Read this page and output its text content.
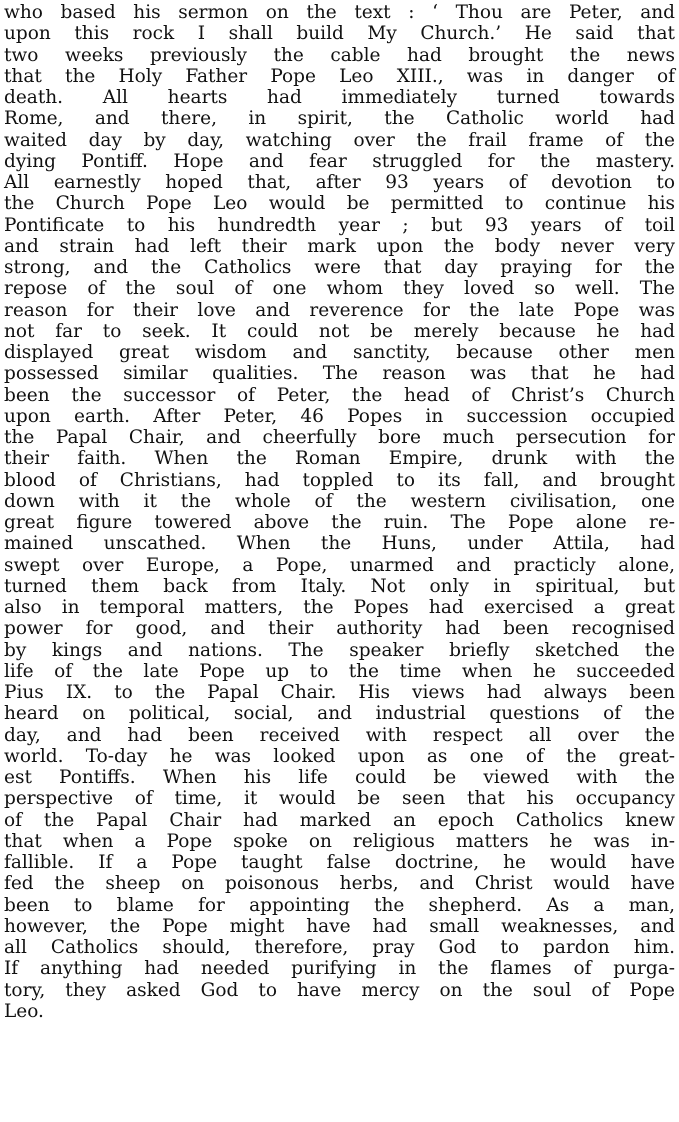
who based his sermon on the text : ‘ Thou are Peter, and
upon this rock I shall build My Church.’ He said that
two weeks previously the cable had brought the news
that the Holy Father Pope Leo XIII., was in danger of
death. All hearts had immediately turned towards
Rome, and there, in spirit, the Catholic world had
waited day by day, watching over the frail frame of the
dying Pontiff. Hope and fear struggled for the mastery.
All earnestly hoped that, after 93 years of devotion to
the Church Pope Leo would be permitted to continue his
Pontificate to his hundredth year ; but 93 years of toil
and strain had left their mark upon the body never very
strong, and the Catholics were that day praying for the
repose of the soul of one whom they loved so well. The
reason for their love and reverence for the late Pope was
not far to seek. It could not be merely because he had
displayed great wisdom and sanctity, because other men
possessed similar qualities. The reason was that he had
been the successor of Peter, the head of Christ’s Church
upon earth. After Peter, 46 Popes in succession occupied
the Papal Chair, and cheerfully bore much persecution for
their faith. When the Roman Empire, drunk with the
blood of Christians, had toppled to its fall, and brought
down with it the whole of the western civilisation, one
great figure towered above the ruin. The Pope alone re-
mained unscathed. When the Huns, under Attila, had
swept over Europe, a Pope, unarmed and practicly alone,
turned them back from Italy. Not only in spiritual, but
also in temporal matters, the Popes had exercised a great
power for good, and their authority had been recognised
by kings and nations. The speaker briefly sketched the
life of the late Pope up to the time when he succeeded
Pius IX. to the Papal Chair. His views had always been
heard on political, social, and industrial questions of the
day, and had been received with respect all over the
world. To-day he was looked upon as one of the great-
est Pontiffs. When his life could be viewed with the
perspective of time, it would be seen that his occupancy
of the Papal Chair had marked an epoch Catholics knew
that when a Pope spoke on religious matters he was in-
fallible. If a Pope taught false doctrine, he would have
fed the sheep on poisonous herbs, and Christ would have
been to blame for appointing the shepherd. As a man,
however, the Pope might have had small weaknesses, and
all Catholics should, therefore, pray God to pardon him.
If anything had needed purifying in the flames of purga-
tory, they asked God to have mercy on the soul of Pope
Leo.
